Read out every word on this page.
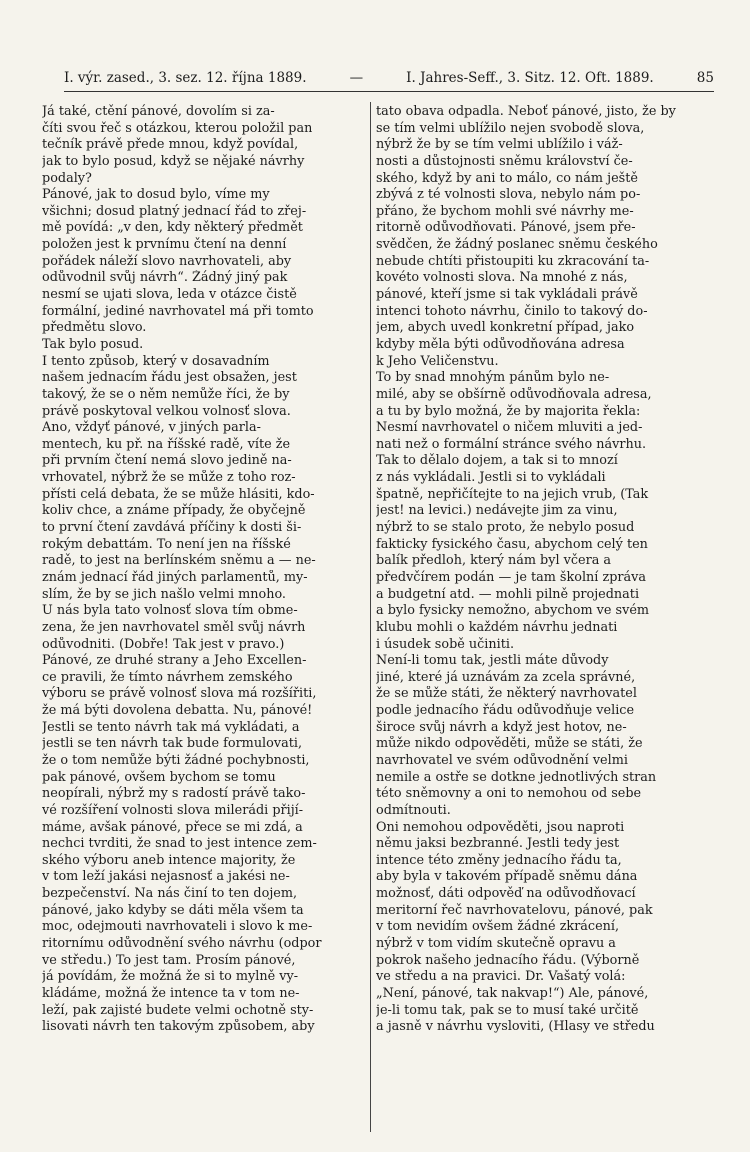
I. výr. zased., 3. sez. 12. října 1889.	—	I. Jahres-Seff., 3. Sitz. 12. Oft. 1889.	85
Já také, ctění pánové, dovolím si za-
číti svou řeč s otázkou, kterou položil pan
tečník právě přede mnou, když povídal,
jak to bylo posud, když se nějaké návrhy
podaly?
Pánové, jak to dosud bylo, víme my
všichni; dosud platný jednací řád to zřej-
mě povídá: „v den, kdy některý předmět
položen jest k prvnímu čtení na denní
pořádek náleží slovo navrhovateli, aby
odůvodnil svůj návrh“. Žádný jiný pak
nesmí se ujati slova, leda v otázce čistě
formální, jediné navrhovatel má při tomto
předmětu slovo.
Tak bylo posud.
I tento způsob, který v dosavadním
našem jednacím řádu jest obsažen, jest
takový, že se o něm nemůže říci, že by
právě poskytoval velkou volnosť slova.
Ano, vždyť pánové, v jiných parla-
mentech, ku př. na říšské radě, víte že
při prvním čtení nemá slovo jedině na-
vrhovatel, nýbrž že se může z toho roz-
přísti celá debata, že se může hlásiti, kdo-
koliv chce, a známe případy, že obyčejně
to první čtení zavdává příčiny k dosti ši-
rokým debattám. To není jen na říšské
radě, to jest na berlínském sněmu a — ne-
znám jednací řád jiných parlamentů, my-
slím, že by se jich našlo velmi mnoho.
U nás byla tato volnosť slova tím obme-
zena, že jen navrhovatel směl svůj návrh
odůvodniti. (Dobře! Tak jest v pravo.)
Pánové, ze druhé strany a Jeho Excellen-
ce pravili, že tímto návrhem zemského
výboru se právě volnosť slova má rozšířiti,
že má býti dovolena debatta. Nu, pánové!
Jestli se tento návrh tak má vykládati, a
jestli se ten návrh tak bude formulovati,
že o tom nemůže býti žádné pochybnosti,
pak pánové, ovšem bychom se tomu
neopírali, nýbrž my s radostí právě tako-
vé rozšíření volnosti slova milerádi přijí-
máme, avšak pánové, přece se mi zdá, a
nechci tvrditi, že snad to jest intence zem-
ského výboru aneb intence majority, že
v tom leží jakási nejasnosť a jakési ne-
bezpečenství. Na nás činí to ten dojem,
pánové, jako kdyby se dáti měla všem ta
moc, odejmouti navrhovateli i slovo k me-
ritornímu odůvodnění svého návrhu (odpor
ve středu.) To jest tam. Prosím pánové,
já povídám, že možná že si to mylně vy-
kládáme, možná že intence ta v tom ne-
leží, pak zajisté budete velmi ochotně sty-
lisovati návrh ten takovým způsobem, aby
tato obava odpadla. Neboť pánové, jisto, že by
se tím velmi ublížilo nejen svobodě slova,
nýbrž že by se tím velmi ublížilo i váž-
nosti a důstojnosti sněmu království če-
ského, když by ani to málo, co nám ještě
zbývá z té volnosti slova, nebylo nám po-
přáno, že bychom mohli své návrhy me-
ritorně odůvodňovati. Pánové, jsem pře-
svědčen, že žádný poslanec sněmu českého
nebude chtíti přistoupiti ku zkracování ta-
kovéto volnosti slova. Na mnohé z nás,
pánové, kteří jsme si tak vykládali právě
intenci tohoto návrhu, činilo to takový do-
jem, abych uvedl konkretní případ, jako
kdyby měla býti odůvodňována adresa
k Jeho Veličenstvu.
To by snad mnohým pánům bylo ne-
milé, aby se obšírně odůvodňovala adresa,
a tu by bylo možná, že by majorita řekla:
Nesmí navrhovatel o ničem mluviti a jed-
nati než o formální stránce svého návrhu.
Tak to dělalo dojem, a tak si to mnozí
z nás vykládali. Jestli si to vykládali
špatně, nepřičítejte to na jejich vrub, (Tak
jest! na levici.) nedávejte jim za vinu,
nýbrž to se stalo proto, že nebylo posud
fakticky fysického času, abychom celý ten
balík předloh, který nám byl včera a
předvčírem podán — je tam školní zpráva
a budgetní atd. — mohli pilně projednati
a bylo fysicky nemožno, abychom ve svém
klubu mohli o každém návrhu jednati
i úsudek sobě učiniti.
Není-li tomu tak, jestli máte důvody
jiné, které já uznávám za zcela správné,
že se může státi, že některý navrhovatel
podle jednacího řádu odůvodňuje velice
široce svůj návrh a když jest hotov, ne-
může nikdo odpověděti, může se státi, že
navrhovatel ve svém odůvodnění velmi
nemile a ostře se dotkne jednotlivých stran
této sněmovny a oni to nemohou od sebe
odmítnouti.
Oni nemohou odpověděti, jsou naproti
němu jaksi bezbranné. Jestli tedy jest
intence této změny jednacího řádu ta,
aby byla v takovém případě sněmu dána
možnosť, dáti odpověď na odůvodňovací
meritorní řeč navrhovatelovu, pánové, pak
v tom nevidím ovšem žádné zkrácení,
nýbrž v tom vidím skutečně opravu a
pokrok našeho jednacího řádu. (Výborně
ve středu a na pravici. Dr. Vašatý volá:
„Není, pánové, tak nakvap!“) Ale, pánové,
je-li tomu tak, pak se to musí také určitě
a jasně v návrhu vysloviti, (Hlasy ve středu
